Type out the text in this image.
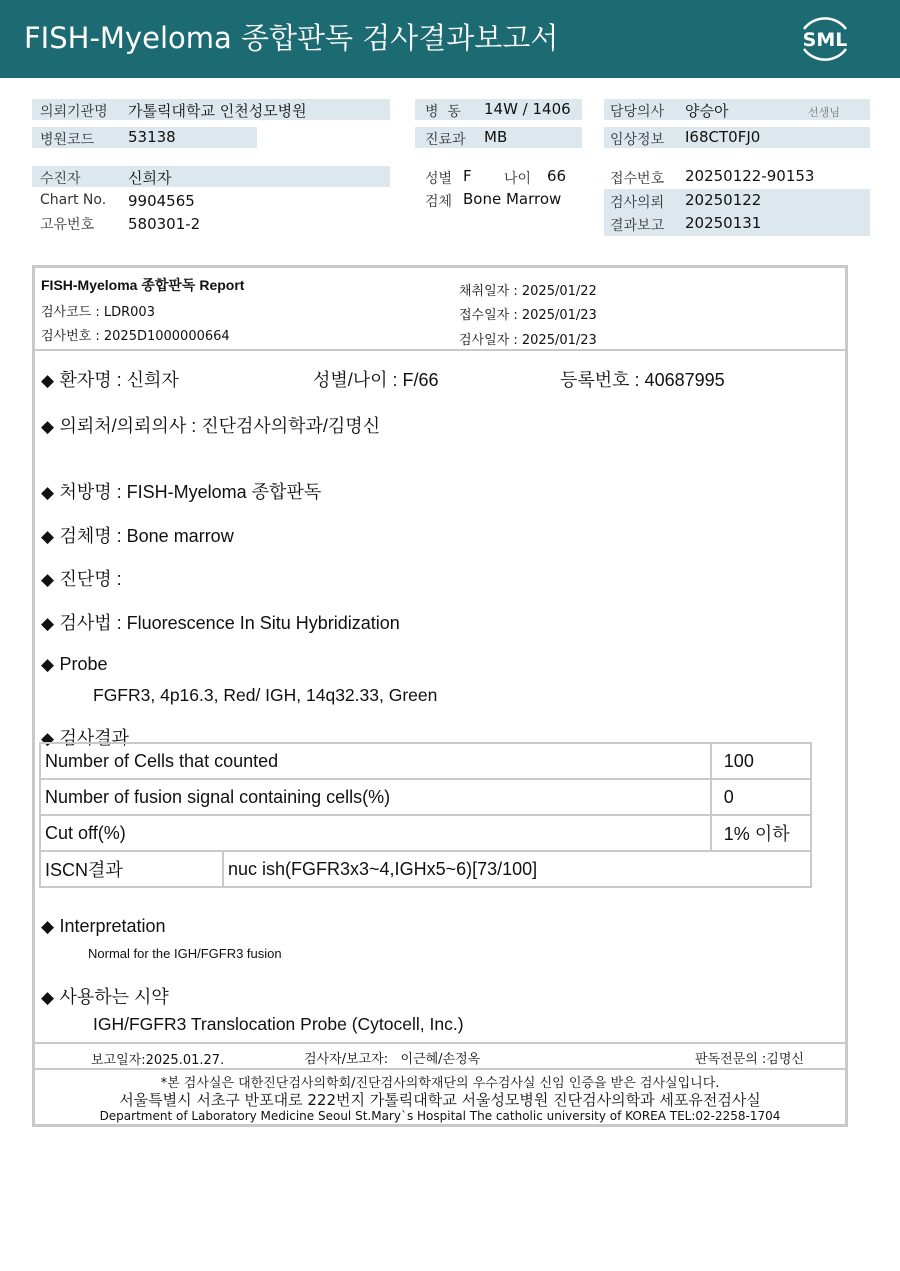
FISH-Myeloma 종합판독 검사결과보고서	SML
의뢰기관명 가톨릭대학교 인천성모병원
병원코드 53138
병  동 14W / 1406
진료과 MB
담당의사 양승아	선생님
임상정보 I68CT0FJ0
수진자	신희자
Chart No. 9904565
고유번호 580301-2
성별 F 나이 66
검체 Bone Marrow
접수번호 20250122-90153
검사의뢰 20250122
결과보고 20250131
FISH-Myeloma 종합판독 Report
검사코드 : LDR003
검사번호 : 2025D1000000664
채취일자 : 2025/01/22
접수일자 : 2025/01/23
검사일자 : 2025/01/23
◆ 환자명 : 신희자	성별/나이 : F/66	등록번호 : 40687995
◆ 의뢰처/의뢰의사 : 진단검사의학과/김명신
◆ 처방명 : FISH-Myeloma 종합판독
◆ 검체명 : Bone marrow
◆ 진단명 :
◆ 검사법 : Fluorescence In Situ Hybridization
◆ Probe
FGFR3, 4p16.3, Red/ IGH, 14q32.33, Green
◆ 검사결과
Number of Cells that counted		100
Number of fusion signal containing cells(%)		0
Cut off(%)		1% 이하
ISCN결과	nuc ish(FGFR3x3~4,IGHx5~6)[73/100]	
◆ Interpretation
Normal for the IGH/FGFR3 fusion
◆ 사용하는 시약
IGH/FGFR3 Translocation Probe (Cytocell, Inc.)
보고일자:2025.01.27.	검사자/보고자:   이근혜/손정옥	판독전문의 :김명신
*본 검사실은 대한진단검사의학회/진단검사의학재단의 우수검사실 신임 인증을 받은 검사실입니다.
서울특별시 서초구 반포대로 222번지 가톨릭대학교 서울성모병원 진단검사의학과 세포유전검사실
Department of Laboratory Medicine Seoul St.Mary`s Hospital The catholic university of KOREA TEL:02-2258-1704
